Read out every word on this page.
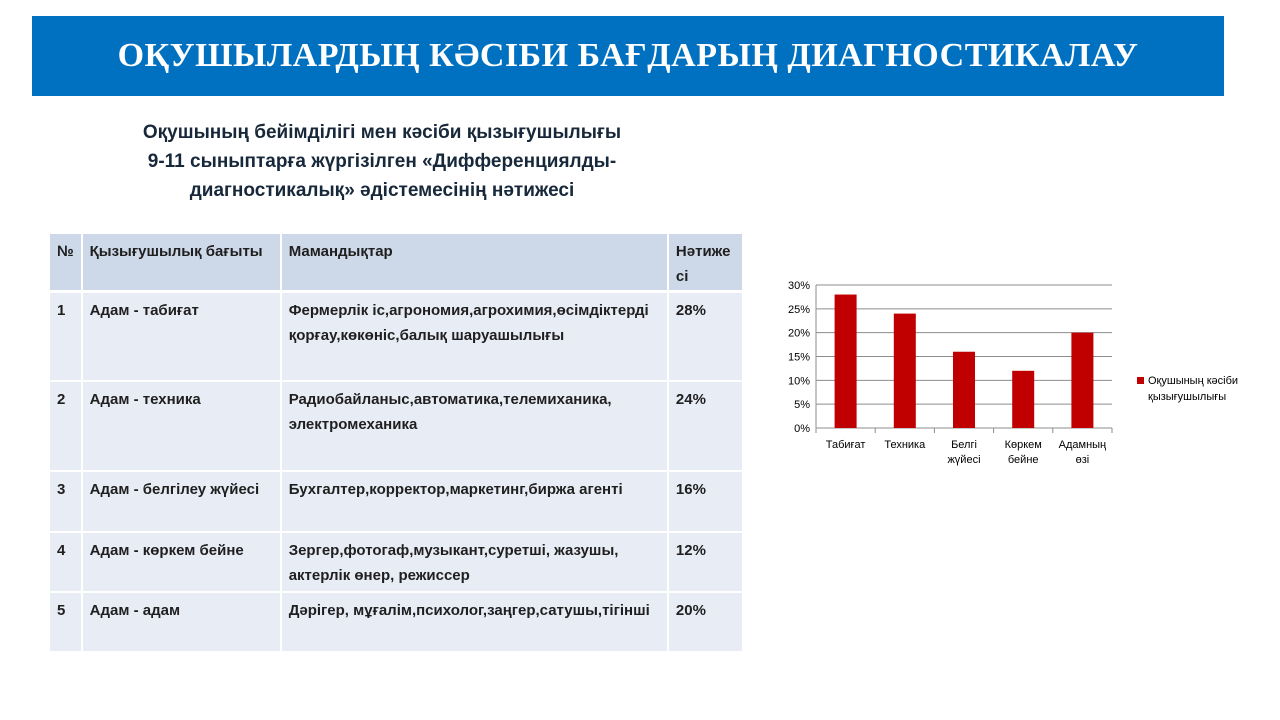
ОҚУШЫЛАРДЫҢ КӘСІБИ БАҒДАРЫҢ ДИАГНОСТИКАЛАУ
Оқушының бейімділігі мен кәсіби қызығушылығы
9-11 сыныптарға жүргізілген «Дифференциялды-
диагностикалық» әдістемесінің нәтижесі
№	Қызығушылық бағыты	Мамандықтар	Нәтиже сі
1	Адам - табиғат	Фермерлік іс,агрономия,агрохимия,өсімдіктерді қорғау,көкөніс,балық шаруашылығы	28%
2	Адам - техника	Радиобайланыс,автоматика,телемиханика, электромеханика	24%
3	Адам - белгілеу жүйесі	Бухгалтер,корректор,маркетинг,биржа агенті	16%
4	Адам - көркем бейне	Зергер,фотогаф,музыкант,суретші, жазушы, актерлік өнер, режиссер	12%
5	Адам - адам	Дәрігер, мұғалім,психолог,заңгер,сатушы,тігінші	20%
0%
5%
10%
15%
20%
25%
30%
Табиғат Техника Белгі
жүйесі
Көркем
бейне
Адамның
өзі
Оқушының кәсіби
қызығушылығы
